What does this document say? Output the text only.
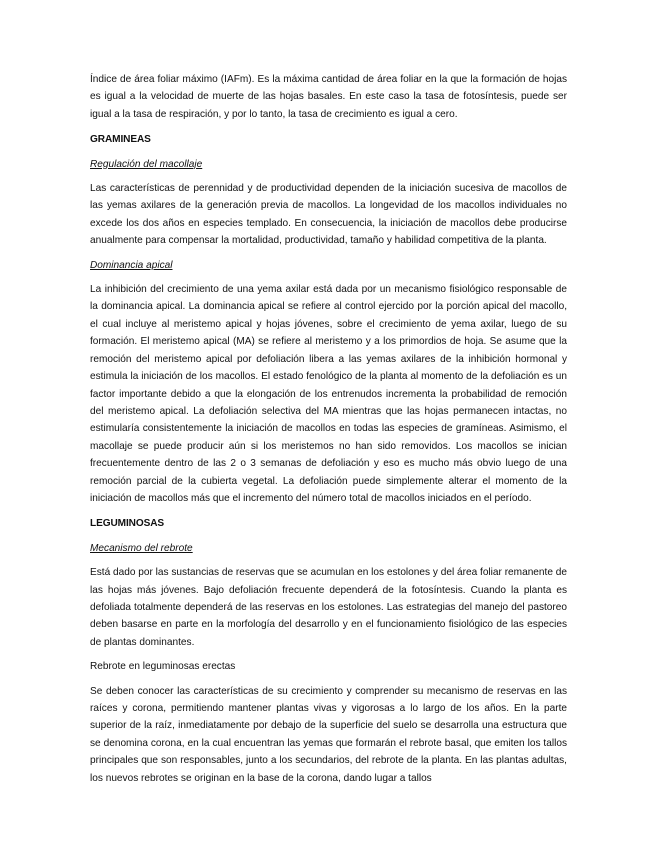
Índice de área foliar máximo (IAFm). Es la máxima cantidad de área foliar en la que la formación de hojas es igual a la velocidad de muerte de las hojas basales. En este caso la tasa de fotosíntesis, puede ser igual a la tasa de respiración, y por lo tanto, la tasa de crecimiento es igual a cero.

GRAMINEAS

Regulación del macollaje

Las características de perennidad y de productividad dependen de la iniciación sucesiva de macollos de las yemas axilares de la generación previa de macollos. La longevidad de los macollos individuales no excede los dos años en especies templado. En consecuencia, la iniciación de macollos debe producirse anualmente para compensar la mortalidad, productividad, tamaño y habilidad competitiva de la planta.

Dominancia apical

La inhibición del crecimiento de una yema axilar está dada por un mecanismo fisiológico responsable de la dominancia apical. La dominancia apical se refiere al control ejercido por la porción apical del macollo, el cual incluye al meristemo apical y hojas jóvenes, sobre el crecimiento de yema axilar, luego de su formación. El meristemo apical (MA) se refiere al meristemo y a los primordios de hoja. Se asume que la remoción del meristemo apical por defoliación libera a las yemas axilares de la inhibición hormonal y estimula la iniciación de los macollos. El estado fenológico de la planta al momento de la defoliación es un factor importante debido a que la elongación de los entrenudos incrementa la probabilidad de remoción del meristemo apical. La defoliación selectiva del MA mientras que las hojas permanecen intactas, no estimularía consistentemente la iniciación de macollos en todas las especies de gramíneas. Asimismo, el macollaje se puede producir aún si los meristemos no han sido removidos. Los macollos se inician frecuentemente dentro de las 2 o 3 semanas de defoliación y eso es mucho más obvio luego de una remoción parcial de la cubierta vegetal. La defoliación puede simplemente alterar el momento de la iniciación de macollos más que el incremento del número total de macollos iniciados en el período.

LEGUMINOSAS

Mecanismo del rebrote

Está dado por las sustancias de reservas que se acumulan en los estolones y del área foliar remanente de las hojas más jóvenes. Bajo defoliación frecuente dependerá de la fotosíntesis. Cuando la planta es defoliada totalmente dependerá de las reservas en los estolones. Las estrategias del manejo del pastoreo deben basarse en parte en la morfología del desarrollo y en el funcionamiento fisiológico de las especies de plantas dominantes.

Rebrote en leguminosas erectas

Se deben conocer las características de su crecimiento y comprender su mecanismo de reservas en las raíces y corona, permitiendo mantener plantas vivas y vigorosas a lo largo de los años. En la parte superior de la raíz, inmediatamente por debajo de la superficie del suelo se desarrolla una estructura que se denomina corona, en la cual encuentran las yemas que formarán el rebrote basal, que emiten los tallos principales que son responsables, junto a los secundarios, del rebrote de la planta. En las plantas adultas, los nuevos rebrotes se originan en la base de la corona, dando lugar a tallos
